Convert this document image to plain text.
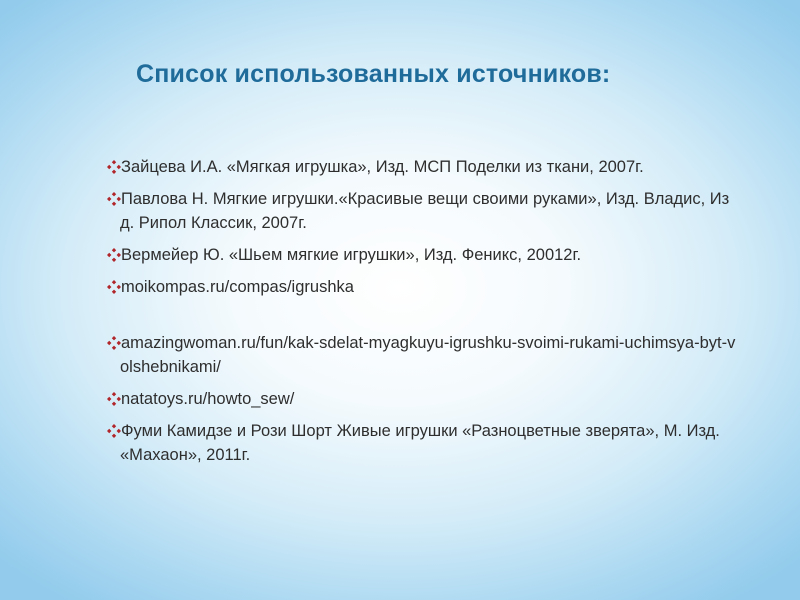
Список использованных источников:
Зайцева И.А. «Мягкая игрушка», Изд. МСП Поделки из ткани, 2007г.
Павлова Н. Мягкие игрушки.«Красивые вещи своими руками», Изд. Владис, Изд. Рипол Классик, 2007г.
Вермейер Ю. «Шьем мягкие игрушки», Изд. Феникс, 20012г.
moikompas.ru/compas/igrushka
amazingwoman.ru/fun/kak-sdelat-myagkuyu-igrushku-svoimi-rukami-uchimsya-byt-volshebnikami/
natatoys.ru/howto_sew/
Фуми Камидзе и Рози Шорт Живые игрушки «Разноцветные зверята», М. Изд. «Махаон», 2011г.
